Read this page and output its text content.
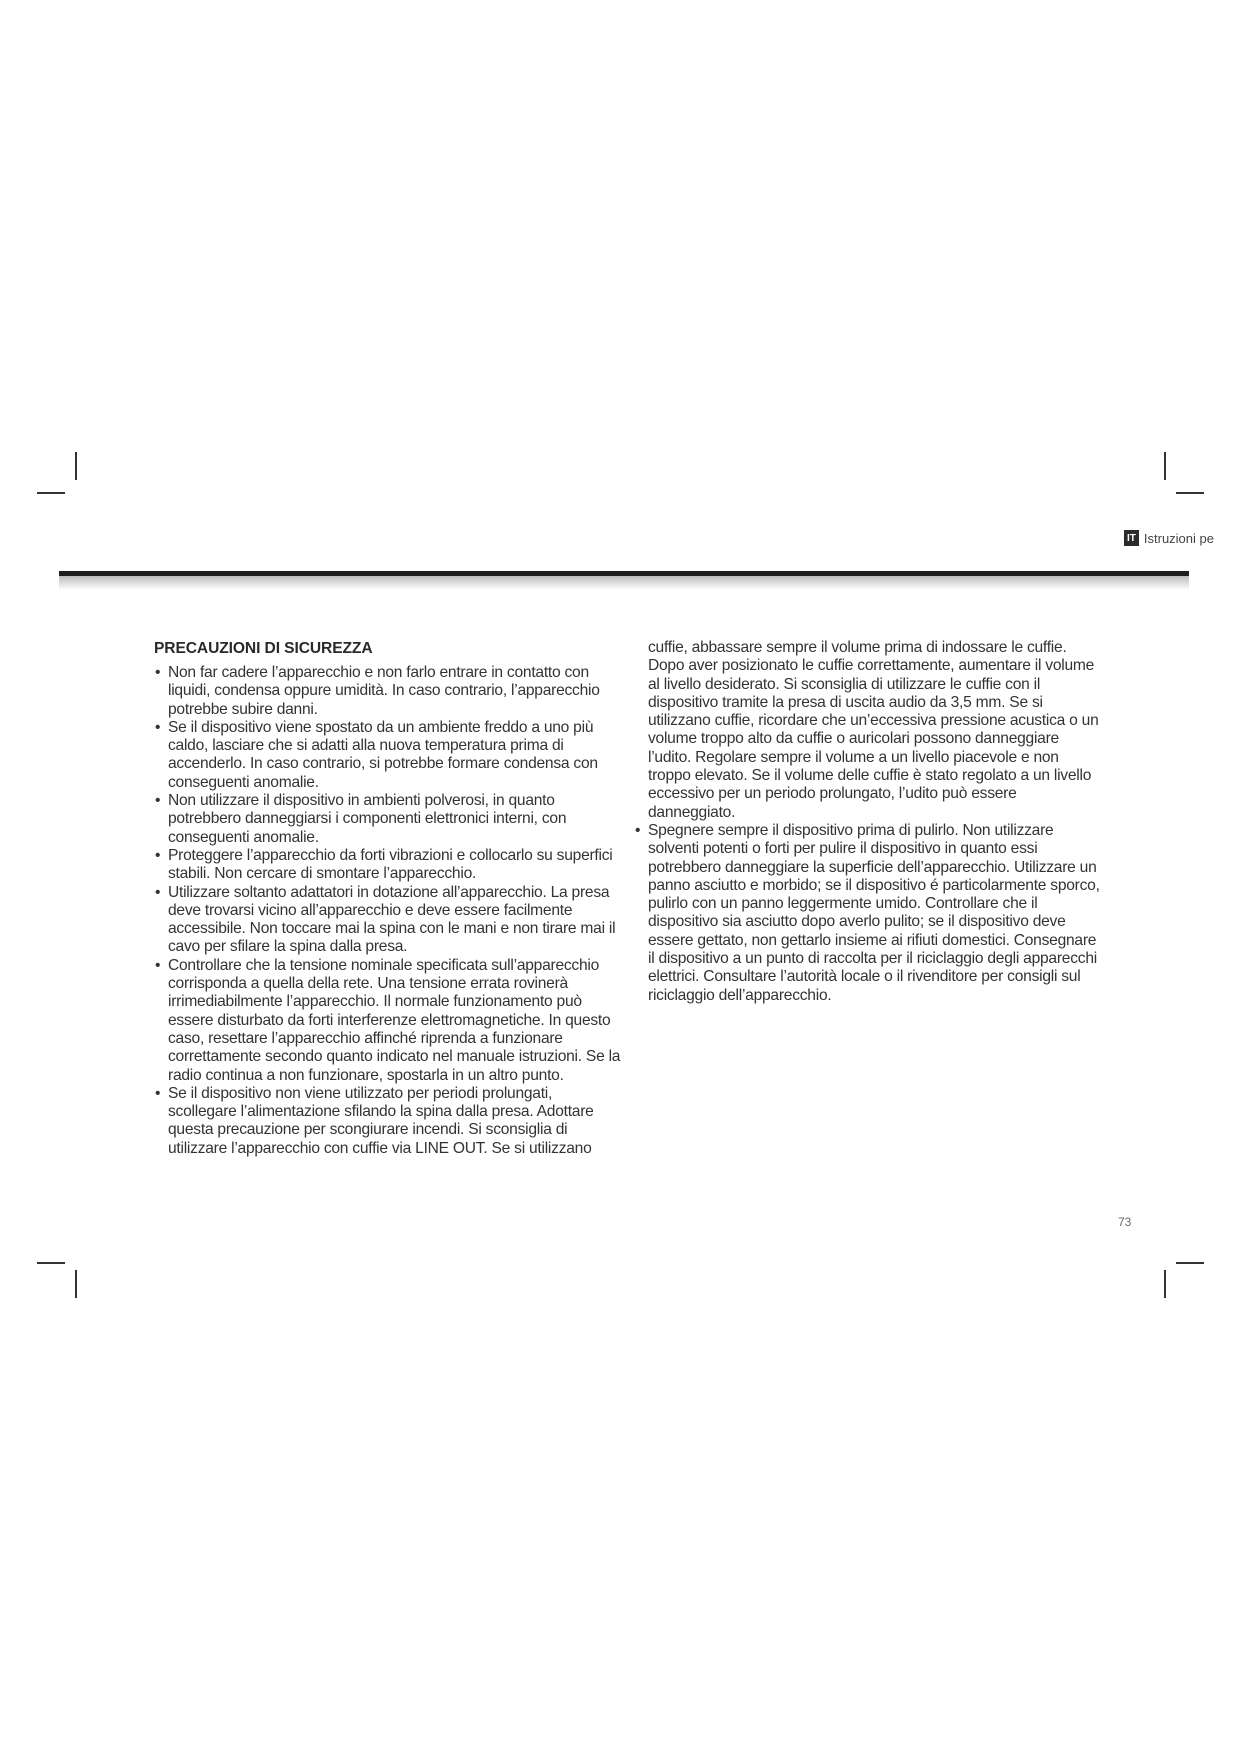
IT Istruzioni pe
PRECAUZIONI DI SICUREZZA
• Non far cadere l’apparecchio e non farlo entrare in contatto con liquidi, condensa oppure umidità. In caso contrario, l’apparecchio potrebbe subire danni.
• Se il dispositivo viene spostato da un ambiente freddo a uno più caldo, lasciare che si adatti alla nuova temperatura prima di accenderlo. In caso contrario, si potrebbe formare condensa con conseguenti anomalie.
• Non utilizzare il dispositivo in ambienti polverosi, in quanto potrebbero danneggiarsi i componenti elettronici interni, con conseguenti anomalie.
• Proteggere l’apparecchio da forti vibrazioni e collocarlo su superfici stabili. Non cercare di smontare l’apparecchio.
• Utilizzare soltanto adattatori in dotazione all’apparecchio. La presa deve trovarsi vicino all’apparecchio e deve essere facilmente accessibile. Non toccare mai la spina con le mani e non tirare mai il cavo per sfilare la spina dalla presa.
• Controllare che la tensione nominale specificata sull’apparecchio corrisponda a quella della rete. Una tensione errata rovinerà irrimediabilmente l’apparecchio. Il normale funzionamento può essere disturbato da forti interferenze elettromagnetiche. In questo caso, resettare l’apparecchio affinché riprenda a funzionare correttamente secondo quanto indicato nel manuale istruzioni. Se la radio continua a non funzionare, spostarla in un altro punto.
• Se il dispositivo non viene utilizzato per periodi prolungati, scollegare l’alimentazione sfilando la spina dalla presa. Adottare questa precauzione per scongiurare incendi. Si sconsiglia di utilizzare l’apparecchio con cuffie via LINE OUT. Se si utilizzano
cuffie, abbassare sempre il volume prima di indossare le cuffie. Dopo aver posizionato le cuffie correttamente, aumentare il volume al livello desiderato. Si sconsiglia di utilizzare le cuffie con il dispositivo tramite la presa di uscita audio da 3,5 mm. Se si utilizzano cuffie, ricordare che un’eccessiva pressione acustica o un volume troppo alto da cuffie o auricolari possono danneggiare l’udito. Regolare sempre il volume a un livello piacevole e non troppo elevato. Se il volume delle cuffie è stato regolato a un livello eccessivo per un periodo prolungato, l’udito può essere danneggiato.
• Spegnere sempre il dispositivo prima di pulirlo. Non utilizzare solventi potenti o forti per pulire il dispositivo in quanto essi potrebbero danneggiare la superficie dell’apparecchio. Utilizzare un panno asciutto e morbido; se il dispositivo é particolarmente sporco, pulirlo con un panno leggermente umido. Controllare che il dispositivo sia asciutto dopo averlo pulito; se il dispositivo deve essere gettato, non gettarlo insieme ai rifiuti domestici. Consegnare il dispositivo a un punto di raccolta per il riciclaggio degli apparecchi elettrici. Consultare l’autorità locale o il rivenditore per consigli sul riciclaggio dell’apparecchio.
73
